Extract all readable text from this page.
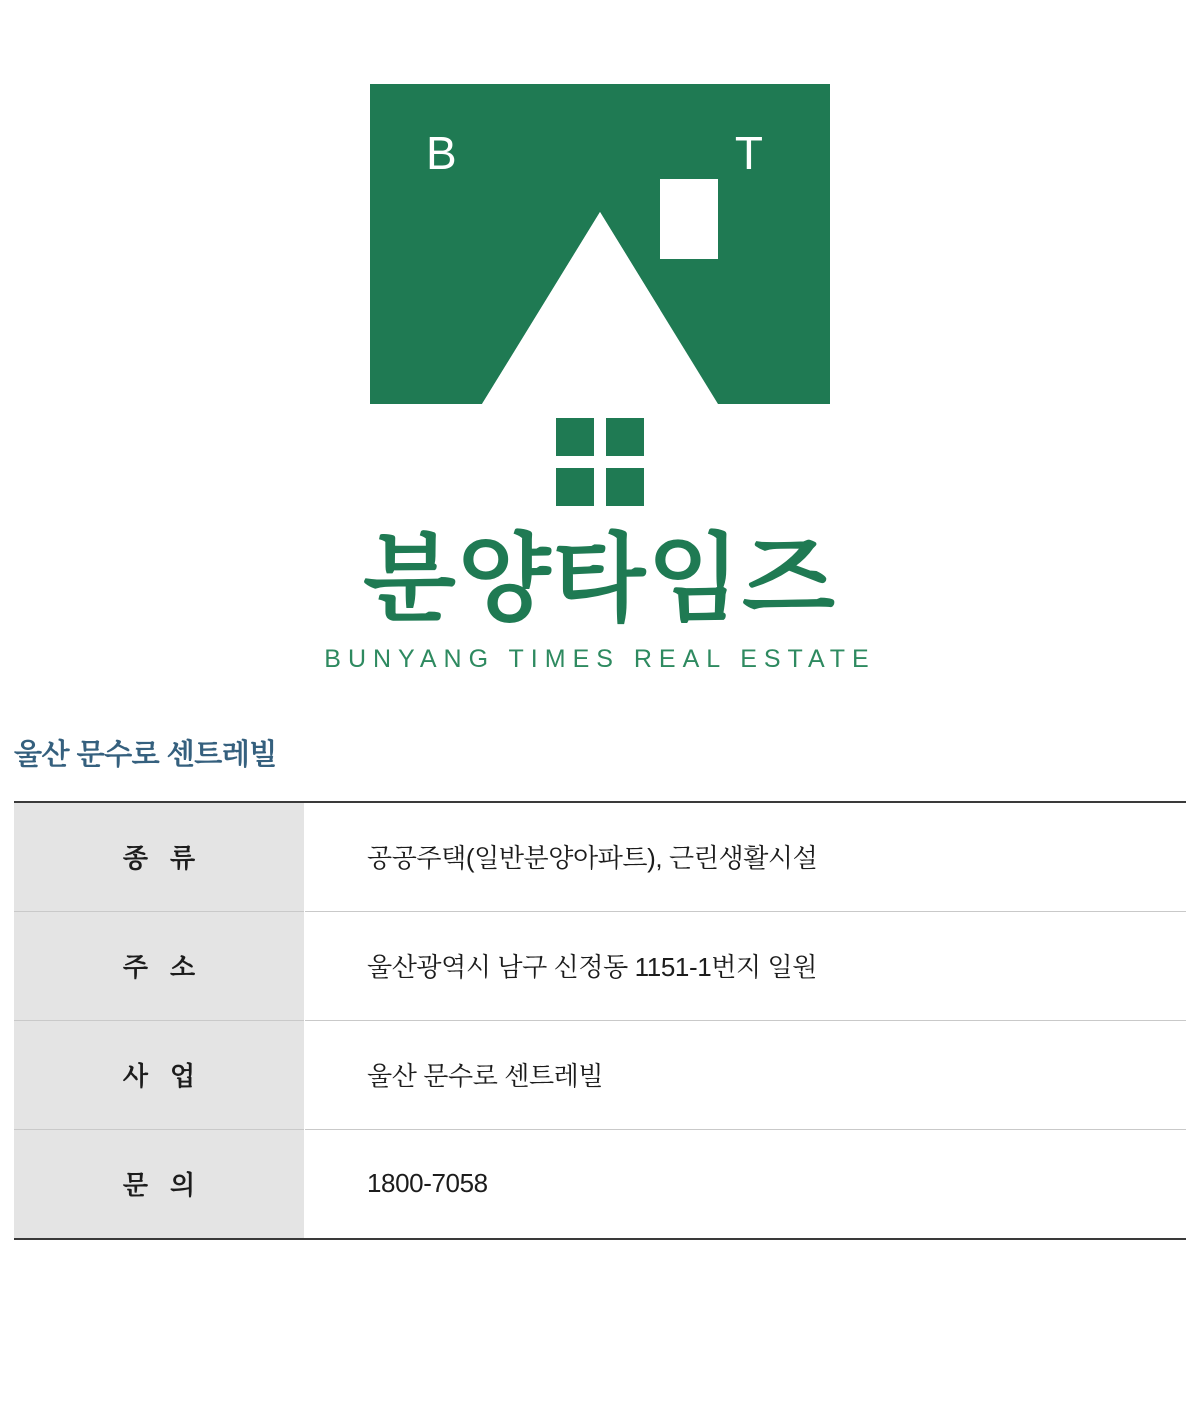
B	T
분양타임즈
BUNYANG TIMES REAL ESTATE
울산 문수로 센트레빌
종류	공공주택(일반분양아파트), 근린생활시설
주소	울산광역시 남구 신정동 1151-1번지 일원
사업	울산 문수로 센트레빌
문의	1800-7058
